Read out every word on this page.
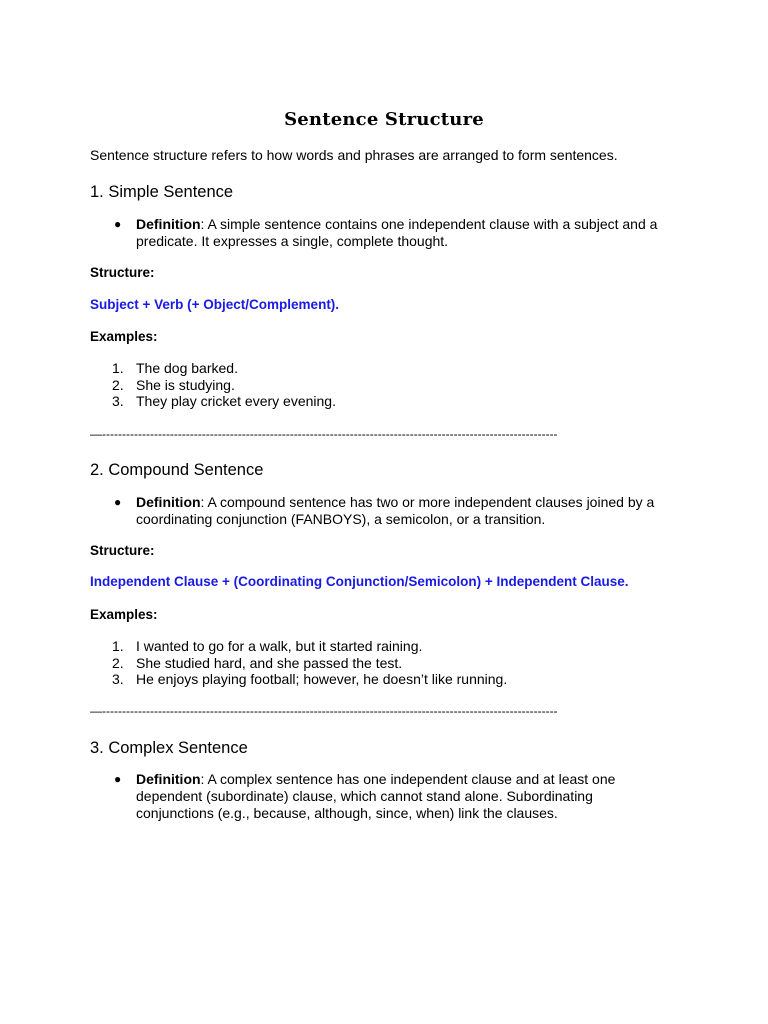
Sentence Structure
Sentence structure refers to how words and phrases are arranged to form sentences.
1. Simple Sentence
● Definition: A simple sentence contains one independent clause with a subject and a predicate. It expresses a single, complete thought.
Structure:
Subject + Verb (+ Object/Complement).
Examples:
1. The dog barked.
2. She is studying.
3. They play cricket every evening.
—------------------------------------------------------------------------------------------------------------------
2. Compound Sentence
● Definition: A compound sentence has two or more independent clauses joined by a coordinating conjunction (FANBOYS), a semicolon, or a transition.
Structure:
Independent Clause + (Coordinating Conjunction/Semicolon) + Independent Clause.
Examples:
1. I wanted to go for a walk, but it started raining.
2. She studied hard, and she passed the test.
3. He enjoys playing football; however, he doesn’t like running.
—------------------------------------------------------------------------------------------------------------------
3. Complex Sentence
● Definition: A complex sentence has one independent clause and at least one dependent (subordinate) clause, which cannot stand alone. Subordinating conjunctions (e.g., because, although, since, when) link the clauses.
